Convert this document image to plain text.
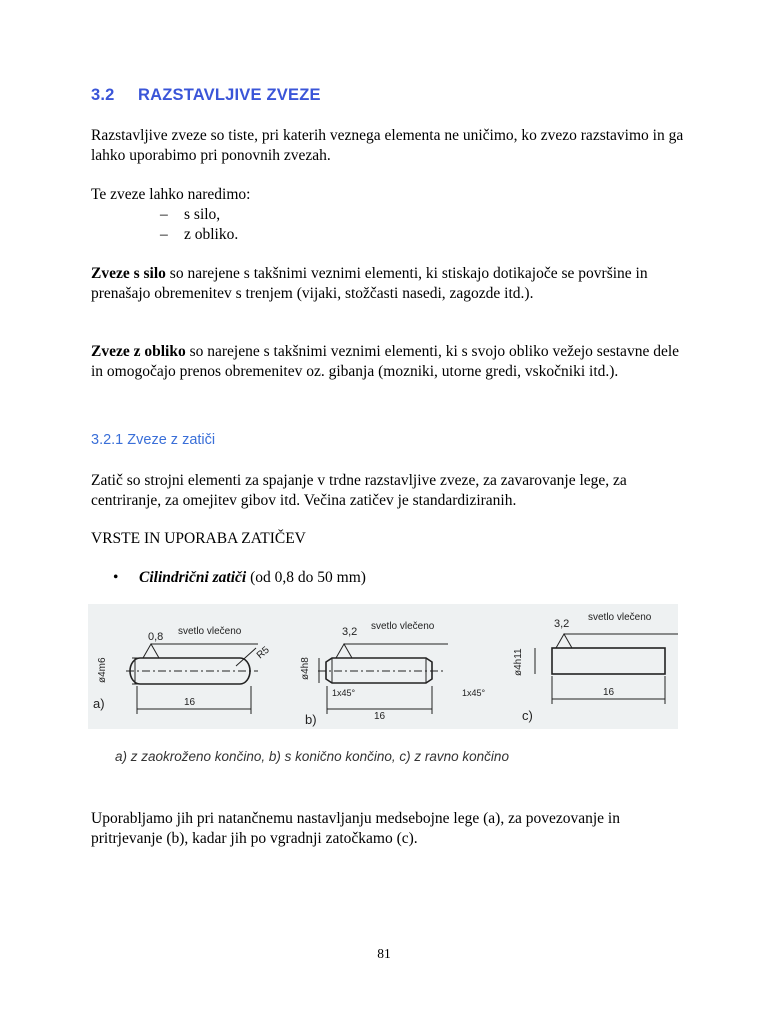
3.2 RAZSTAVLJIVE ZVEZE

Razstavljive zveze so tiste, pri katerih veznega elementa ne uničimo, ko zvezo razstavimo in ga lahko uporabimo pri ponovnih zvezah.

Te zveze lahko naredimo:

–	s silo,
–	z obliko.

Zveze s silo so narejene s takšnimi veznimi elementi, ki stiskajo dotikajoče se površine in prenašajo obremenitev s trenjem (vijaki, stožčasti nasedi, zagozde itd.).

Zveze z obliko so narejene s takšnimi veznimi elementi, ki s svojo obliko vežejo sestavne dele in omogočajo prenos obremenitev oz. gibanja (mozniki, utorne gredi, vskočniki itd.).

3.2.1 Zveze z zatiči

Zatič so strojni elementi za spajanje v trdne razstavljive zveze, za zavarovanje lege, za centriranje, za omejitev gibov itd. Večina zatičev je standardiziranih.

VRSTE IN UPORABA ZATIČEV

• Cilindrični zatiči (od 0,8 do 50 mm)
a)
0,8 svetlo vlečeno
ø4m6
R5
16
b)
3,2 svetlo vlečeno
ø4h8
1x45°	1x45°
16	c)
3,2
svetlo vlečeno
ø4h11
16
a) z zaokroženo končino, b) s konično končino, c) z ravno končino

Uporabljamo jih pri natančnemu nastavljanju medsebojne lege (a), za povezovanje in pritrjevanje (b), kadar jih po vgradnji zatočkamo (c).

81
